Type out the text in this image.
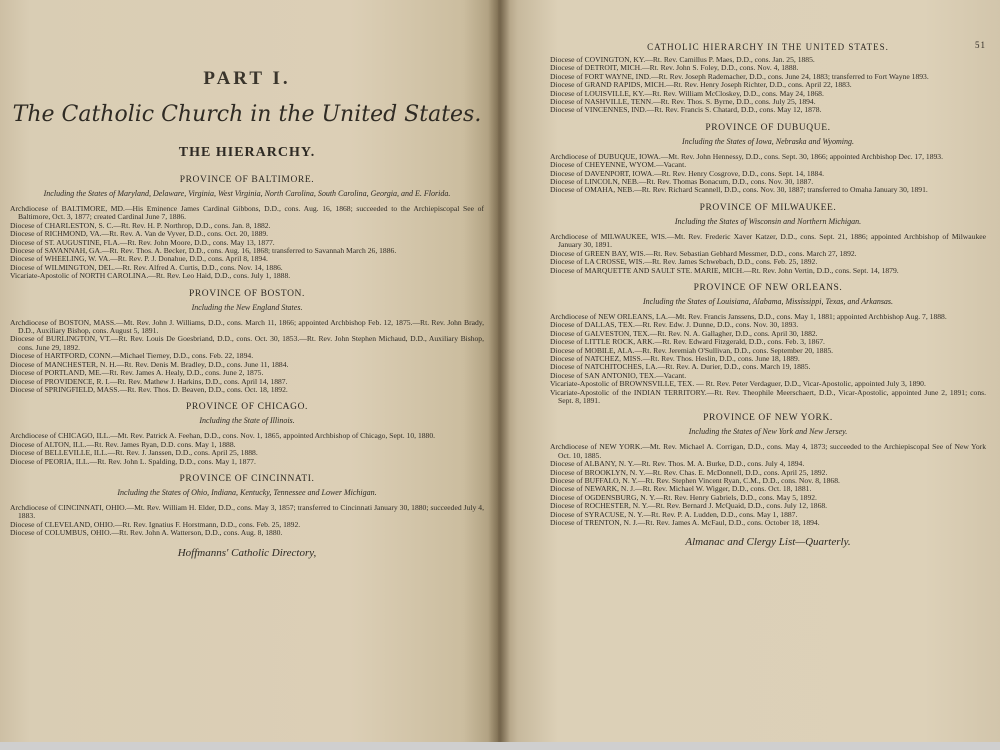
PART I.
The Catholic Church in the United States.
THE HIERARCHY.
PROVINCE OF BALTIMORE.
Including the States of Maryland, Delaware, Virginia, West Virginia, North Carolina, South Carolina, Georgia, and E. Florida.

Archdiocese of BALTIMORE, MD.—His Eminence James Cardinal Gibbons, D.D., cons. Aug. 16, 1868; succeeded to the Archiepiscopal See of Baltimore, Oct. 3, 1877; created Cardinal June 7, 1886.

Diocese of CHARLESTON, S. C.—Rt. Rev. H. P. Northrop, D.D., cons. Jan. 8, 1882.

Diocese of RICHMOND, VA.—Rt. Rev. A. Van de Vyver, D.D., cons. Oct. 20, 1889.

Diocese of ST. AUGUSTINE, FLA.—Rt. Rev. John Moore, D.D., cons. May 13, 1877.

Diocese of SAVANNAH, GA.—Rt. Rev. Thos. A. Becker, D.D., cons. Aug. 16, 1868; transferred to Savannah March 26, 1886.

Diocese of WHEELING, W. VA.—Rt. Rev. P. J. Donahue, D.D., cons. April 8, 1894.

Diocese of WILMINGTON, DEL.—Rt. Rev. Alfred A. Curtis, D.D., cons. Nov. 14, 1886.

Vicariate-Apostolic of NORTH CAROLINA.—Rt. Rev. Leo Haid, D.D., cons. July 1, 1888.

PROVINCE OF BOSTON.
Including the New England States.

Archdiocese of BOSTON, MASS.—Mt. Rev. John J. Williams, D.D., cons. March 11, 1866; appointed Archbishop Feb. 12, 1875.—Rt. Rev. John Brady, D.D., Auxiliary Bishop, cons. August 5, 1891.

Diocese of BURLINGTON, VT.—Rt. Rev. Louis De Goesbriand, D.D., cons. Oct. 30, 1853.—Rt. Rev. John Stephen Michaud, D.D., Auxiliary Bishop, cons. June 29, 1892.

Diocese of HARTFORD, CONN.—Michael Tierney, D.D., cons. Feb. 22, 1894.

Diocese of MANCHESTER, N. H.—Rt. Rev. Denis M. Bradley, D.D., cons. June 11, 1884.

Diocese of PORTLAND, ME.—Rt. Rev. James A. Healy, D.D., cons. June 2, 1875.

Diocese of PROVIDENCE, R. I.—Rt. Rev. Mathew J. Harkins, D.D., cons. April 14, 1887.

Diocese of SPRINGFIELD, MASS.—Rt. Rev. Thos. D. Beaven, D.D., cons. Oct. 18, 1892.

PROVINCE OF CHICAGO.
Including the State of Illinois.

Archdiocese of CHICAGO, ILL.—Mt. Rev. Patrick A. Feehan, D.D., cons. Nov. 1, 1865, appointed Archbishop of Chicago, Sept. 10, 1880.

Diocese of ALTON, ILL.—Rt. Rev. James Ryan, D.D. cons. May 1, 1888.

Diocese of BELLEVILLE, ILL.—Rt. Rev. J. Janssen, D.D., cons. April 25, 1888.

Diocese of PEORIA, ILL.—Rt. Rev. John L. Spalding, D.D., cons. May 1, 1877.

PROVINCE OF CINCINNATI.
Including the States of Ohio, Indiana, Kentucky, Tennessee and Lower Michigan.

Archdiocese of CINCINNATI, OHIO.—Mt. Rev. William H. Elder, D.D., cons. May 3, 1857; transferred to Cincinnati January 30, 1880; succeeded July 4, 1883.

Diocese of CLEVELAND, OHIO.—Rt. Rev. Ignatius F. Horstmann, D.D., cons. Feb. 25, 1892.

Diocese of COLUMBUS, OHIO.—Rt. Rev. John A. Watterson, D.D., cons. Aug. 8, 1880.

Hoffmanns' Catholic Directory,
CATHOLIC HIERARCHY IN THE UNITED STATES.	51

Diocese of COVINGTON, KY.—Rt. Rev. Camillus P. Maes, D.D., cons. Jan. 25, 1885.

Diocese of DETROIT, MICH.—Rt. Rev. John S. Foley, D.D., cons. Nov. 4, 1888.

Diocese of FORT WAYNE, IND.—Rt. Rev. Joseph Rademacher, D.D., cons. June 24, 1883; transferred to Fort Wayne 1893.

Diocese of GRAND RAPIDS, MICH.—Rt. Rev. Henry Joseph Richter, D.D., cons. April 22, 1883.

Diocese of LOUISVILLE, KY.—Rt. Rev. William McCloskey, D.D., cons. May 24, 1868.

Diocese of NASHVILLE, TENN.—Rt. Rev. Thos. S. Byrne, D.D., cons. July 25, 1894.

Diocese of VINCENNES, IND.—Rt. Rev. Francis S. Chatard, D.D., cons. May 12, 1878.

PROVINCE OF DUBUQUE.
Including the States of Iowa, Nebraska and Wyoming.

Archdiocese of DUBUQUE, IOWA.—Mt. Rev. John Hennessy, D.D., cons. Sept. 30, 1866; appointed Archbishop Dec. 17, 1893.

Diocese of CHEYENNE, WYOM.—Vacant.

Diocese of DAVENPORT, IOWA.—Rt. Rev. Henry Cosgrove, D.D., cons. Sept. 14, 1884.

Diocese of LINCOLN, NEB.—Rt. Rev. Thomas Bonacum, D.D., cons. Nov. 30, 1887.

Diocese of OMAHA, NEB.—Rt. Rev. Richard Scannell, D.D., cons. Nov. 30, 1887; transferred to Omaha January 30, 1891.

PROVINCE OF MILWAUKEE.
Including the States of Wisconsin and Northern Michigan.

Archdiocese of MILWAUKEE, WIS.—Mt. Rev. Frederic Xaver Katzer, D.D., cons. Sept. 21, 1886; appointed Archbishop of Milwaukee January 30, 1891.

Diocese of GREEN BAY, WIS.—Rt. Rev. Sebastian Gebhard Messmer, D.D., cons. March 27, 1892.

Diocese of LA CROSSE, WIS.—Rt. Rev. James Schwebach, D.D., cons. Feb. 25, 1892.

Diocese of MARQUETTE AND SAULT STE. MARIE, MICH.—Rt. Rev. John Vertin, D.D., cons. Sept. 14, 1879.

PROVINCE OF NEW ORLEANS.
Including the States of Louisiana, Alabama, Mississippi, Texas, and Arkansas.

Archdiocese of NEW ORLEANS, LA.—Mt. Rev. Francis Janssens, D.D., cons. May 1, 1881; appointed Archbishop Aug. 7, 1888.

Diocese of DALLAS, TEX.—Rt. Rev. Edw. J. Dunne, D.D., cons. Nov. 30, 1893.

Diocese of GALVESTON, TEX.—Rt. Rev. N. A. Gallagher, D.D., cons. April 30, 1882.

Diocese of LITTLE ROCK, ARK.—Rt. Rev. Edward Fitzgerald, D.D., cons. Feb. 3, 1867.

Diocese of MOBILE, ALA.—Rt. Rev. Jeremiah O'Sullivan, D.D., cons. September 20, 1885.

Diocese of NATCHEZ, MISS.—Rt. Rev. Thos. Heslin, D.D., cons. June 18, 1889.

Diocese of NATCHITOCHES, LA.—Rt. Rev. A. Durier, D.D., cons. March 19, 1885.

Diocese of SAN ANTONIO, TEX.—Vacant.

Vicariate-Apostolic of BROWNSVILLE, TEX. — Rt. Rev. Peter Verdaguer, D.D., Vicar-Apostolic, appointed July 3, 1890.

Vicariate-Apostolic of the INDIAN TERRITORY.—Rt. Rev. Theophile Meerschaert, D.D., Vicar-Apostolic, appointed June 2, 1891; cons. Sept. 8, 1891.

PROVINCE OF NEW YORK.
Including the States of New York and New Jersey.

Archdiocese of NEW YORK.—Mt. Rev. Michael A. Corrigan, D.D., cons. May 4, 1873; succeeded to the Archiepiscopal See of New York Oct. 10, 1885.

Diocese of ALBANY, N. Y.—Rt. Rev. Thos. M. A. Burke, D.D., cons. July 4, 1894.

Diocese of BROOKLYN, N. Y.—Rt. Rev. Chas. E. McDonnell, D.D., cons. April 25, 1892.

Diocese of BUFFALO, N. Y.—Rt. Rev. Stephen Vincent Ryan, C.M., D.D., cons. Nov. 8, 1868.

Diocese of NEWARK, N. J.—Rt. Rev. Michael W. Wigger, D.D., cons. Oct. 18, 1881.

Diocese of OGDENSBURG, N. Y.—Rt. Rev. Henry Gabriels, D.D., cons. May 5, 1892.

Diocese of ROCHESTER, N. Y.—Rt. Rev. Bernard J. McQuaid, D.D., cons. July 12, 1868.

Diocese of SYRACUSE, N. Y.—Rt. Rev. P. A. Ludden, D.D., cons. May 1, 1887.

Diocese of TRENTON, N. J.—Rt. Rev. James A. McFaul, D.D., cons. October 18, 1894.

Almanac and Clergy List—Quarterly.
